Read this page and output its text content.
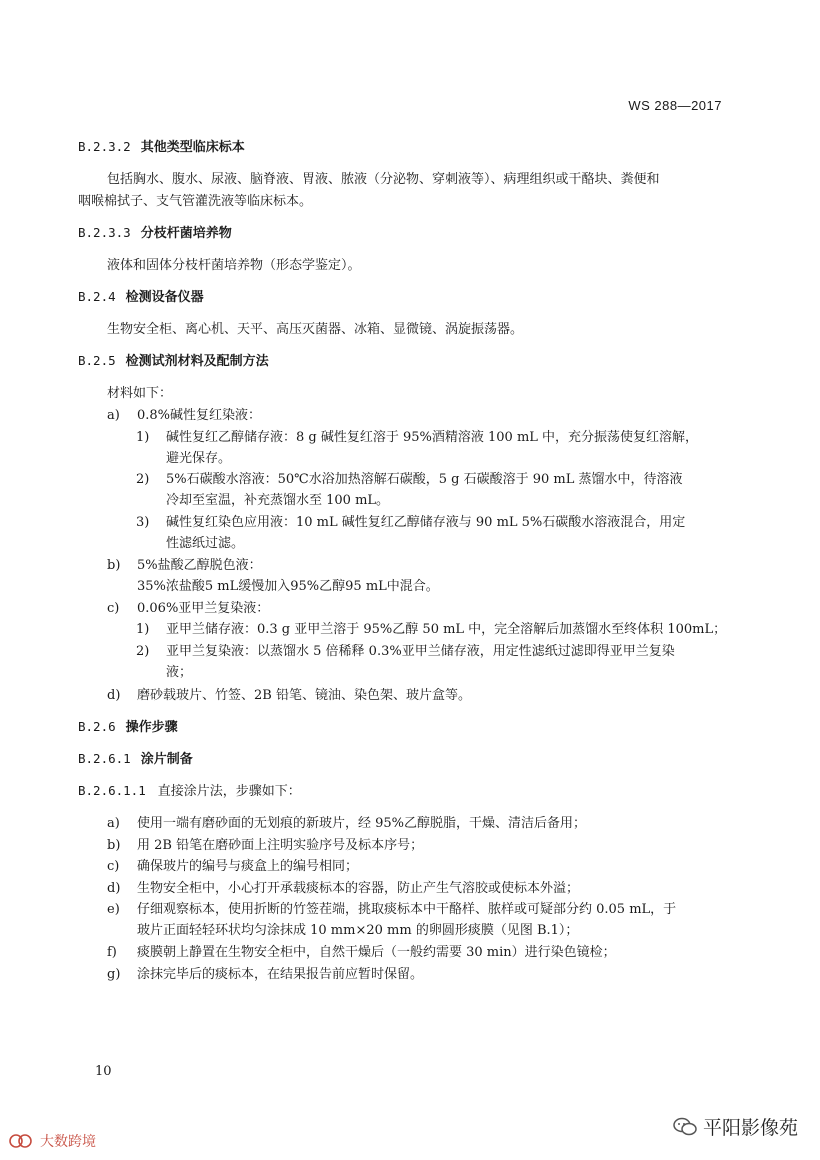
WS 288—2017
B.2.3.2 其他类型临床标本
包括胸水、腹水、尿液、脑脊液、胃液、脓液（分泌物、穿刺液等）、病理组织或干酪块、粪便和
咽喉棉拭子、支气管灌洗液等临床标本。
B.2.3.3 分枝杆菌培养物
液体和固体分枝杆菌培养物（形态学鉴定）。
B.2.4 检测设备仪器
生物安全柜、离心机、天平、高压灭菌器、冰箱、显微镜、涡旋振荡器。
B.2.5 检测试剂材料及配制方法
材料如下：
a) 0.8%碱性复红染液：
1) 碱性复红乙醇储存液：8 g 碱性复红溶于 95%酒精溶液 100 mL 中，充分振荡使复红溶解，
避光保存。
2) 5%石碳酸水溶液：50℃水浴加热溶解石碳酸，5 g 石碳酸溶于 90 mL 蒸馏水中，待溶液
冷却至室温，补充蒸馏水至 100 mL。
3) 碱性复红染色应用液：10 mL 碱性复红乙醇储存液与 90 mL 5%石碳酸水溶液混合，用定
性滤纸过滤。
b) 5%盐酸乙醇脱色液：
35%浓盐酸5 mL缓慢加入95%乙醇95 mL中混合。
c) 0.06%亚甲兰复染液：
1) 亚甲兰储存液：0.3 g 亚甲兰溶于 95%乙醇 50 mL 中，完全溶解后加蒸馏水至终体积 100mL；
2) 亚甲兰复染液：以蒸馏水 5 倍稀释 0.3%亚甲兰储存液，用定性滤纸过滤即得亚甲兰复染
液；
d) 磨砂载玻片、竹签、2B 铅笔、镜油、染色架、玻片盒等。
B.2.6 操作步骤
B.2.6.1 涂片制备
B.2.6.1.1 直接涂片法，步骤如下：
a) 使用一端有磨砂面的无划痕的新玻片，经 95%乙醇脱脂，干燥、清洁后备用；
b) 用 2B 铅笔在磨砂面上注明实验序号及标本序号；
c) 确保玻片的编号与痰盒上的编号相同；
d) 生物安全柜中，小心打开承载痰标本的容器，防止产生气溶胶或使标本外溢；
e) 仔细观察标本，使用折断的竹签茬端，挑取痰标本中干酪样、脓样或可疑部分约 0.05 mL，于
玻片正面轻轻环状均匀涂抹成 10 mm×20 mm 的卵圆形痰膜（见图 B.1）；
f) 痰膜朝上静置在生物安全柜中，自然干燥后（一般约需要 30 min）进行染色镜检；
g) 涂抹完毕后的痰标本，在结果报告前应暂时保留。
10
平阳影像苑
大数跨境
